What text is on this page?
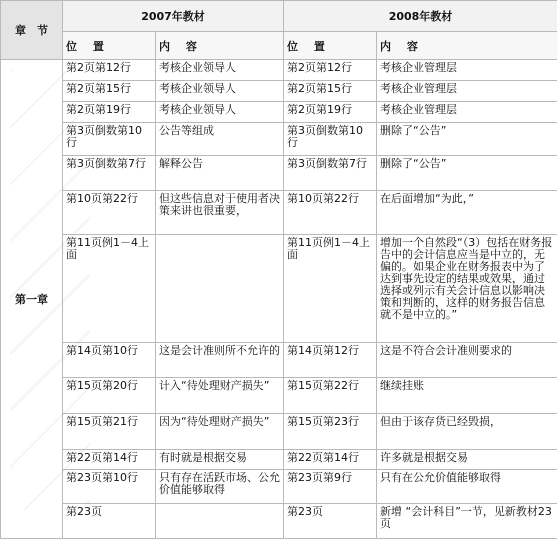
章　节	2007年教材		2008年教材	

	位 置	内 容	位 置	内 容

第一章	第2页第12行	考核企业领导人	第2页第12行	考核企业管理层

	第2页第15行	考核企业领导人	第2页第15行	考核企业管理层

	第2页第19行	考核企业领导人	第2页第19行	考核企业管理层

	第3页倒数第10行	公告等组成	第3页倒数第10行	删除了“公告”

	第3页倒数第7行	解释公告	第3页倒数第7行	删除了“公告”

	第10页第22行	但这些信息对于使用者决策来讲也很重要，	第10页第22行	在后面增加“为此，”

	第11页例1－4上面		第11页例1－4上面	增加一个自然段“（3）包括在财务报告中的会计信息应当是中立的，无偏的。如果企业在财务报表中为了达到事先设定的结果或效果，通过选择或列示有关会计信息以影响决策和判断的，这样的财务报告信息就不是中立的。”

	第14页第10行	这是会计准则所不允许的	第14页第12行	这是不符合会计准则要求的

	第15页第20行	计入“待处理财产损失”	第15页第22行	继续挂账

	第15页第21行	因为“待处理财产损失”	第15页第23行	但由于该存货已经毁损，

	第22页第14行	有时就是根据交易	第22页第14行	许多就是根据交易

	第23页第10行	只有存在活跃市场、公允价值能够取得	第23页第9行	只有在公允价值能够取得

	第23页		第23页	新增 “会计科目”一节，见新教材23页
